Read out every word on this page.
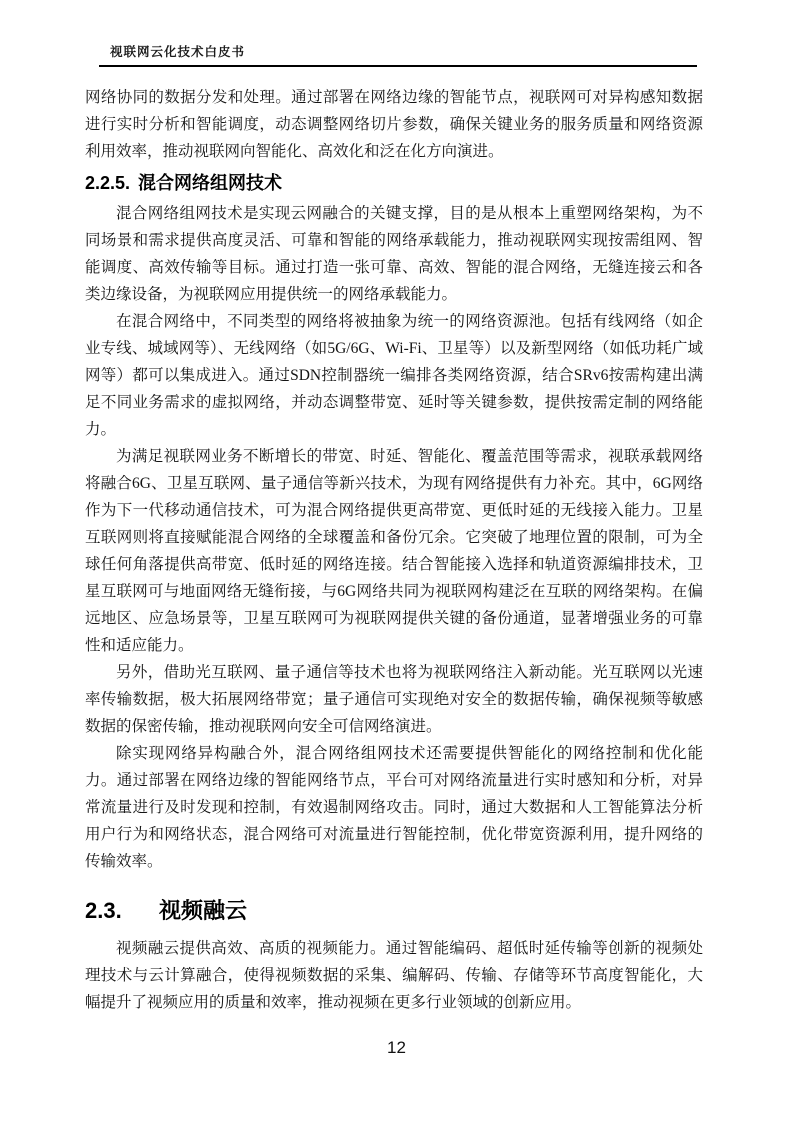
视联网云化技术白皮书

网络协同的数据分发和处理。通过部署在网络边缘的智能节点，视联网可对异构感知数据进行实时分析和智能调度，动态调整网络切片参数，确保关键业务的服务质量和网络资源利用效率，推动视联网向智能化、高效化和泛在化方向演进。

2.2.5. 混合网络组网技术

混合网络组网技术是实现云网融合的关键支撑，目的是从根本上重塑网络架构，为不同场景和需求提供高度灵活、可靠和智能的网络承载能力，推动视联网实现按需组网、智能调度、高效传输等目标。通过打造一张可靠、高效、智能的混合网络，无缝连接云和各类边缘设备，为视联网应用提供统一的网络承载能力。

在混合网络中，不同类型的网络将被抽象为统一的网络资源池。包括有线网络（如企业专线、城域网等）、无线网络（如5G/6G、Wi-Fi、卫星等）以及新型网络（如低功耗广域网等）都可以集成进入。通过SDN控制器统一编排各类网络资源，结合SRv6按需构建出满足不同业务需求的虚拟网络，并动态调整带宽、延时等关键参数，提供按需定制的网络能力。

为满足视联网业务不断增长的带宽、时延、智能化、覆盖范围等需求，视联承载网络将融合6G、卫星互联网、量子通信等新兴技术，为现有网络提供有力补充。其中，6G网络作为下一代移动通信技术，可为混合网络提供更高带宽、更低时延的无线接入能力。卫星互联网则将直接赋能混合网络的全球覆盖和备份冗余。它突破了地理位置的限制，可为全球任何角落提供高带宽、低时延的网络连接。结合智能接入选择和轨道资源编排技术，卫星互联网可与地面网络无缝衔接，与6G网络共同为视联网构建泛在互联的网络架构。在偏远地区、应急场景等，卫星互联网可为视联网提供关键的备份通道，显著增强业务的可靠性和适应能力。

另外，借助光互联网、量子通信等技术也将为视联网络注入新动能。光互联网以光速率传输数据，极大拓展网络带宽；量子通信可实现绝对安全的数据传输，确保视频等敏感数据的保密传输，推动视联网向安全可信网络演进。

除实现网络异构融合外，混合网络组网技术还需要提供智能化的网络控制和优化能力。通过部署在网络边缘的智能网络节点，平台可对网络流量进行实时感知和分析，对异常流量进行及时发现和控制，有效遏制网络攻击。同时，通过大数据和人工智能算法分析用户行为和网络状态，混合网络可对流量进行智能控制，优化带宽资源利用，提升网络的传输效率。

2.3. 视频融云

视频融云提供高效、高质的视频能力。通过智能编码、超低时延传输等创新的视频处理技术与云计算融合，使得视频数据的采集、编解码、传输、存储等环节高度智能化，大幅提升了视频应用的质量和效率，推动视频在更多行业领域的创新应用。

12
